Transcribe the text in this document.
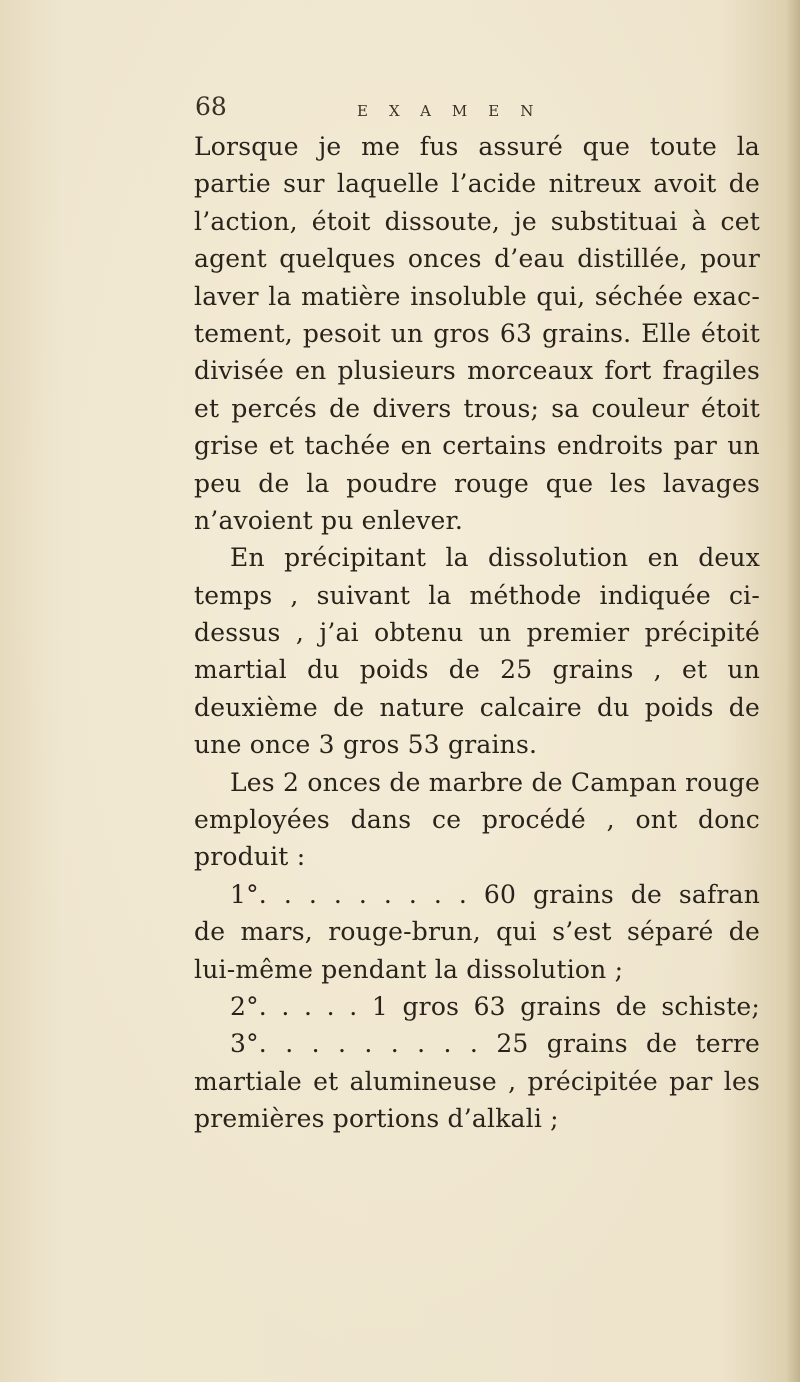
68	EXAMEN
Lorsque je me fus assuré que toute la
partie sur laquelle l’acide nitreux avoit de
l’action, étoit dissoute, je substituai à cet
agent quelques onces d’eau distillée, pour
laver la matière insoluble qui, séchée exac-
tement, pesoit un gros 63 grains. Elle étoit
divisée en plusieurs morceaux fort fragiles
et percés de divers trous; sa couleur étoit
grise et tachée en certains endroits par un
peu de la poudre rouge que les lavages
n’avoient pu enlever.
En précipitant la dissolution en deux
temps , suivant la méthode indiquée ci-
dessus , j’ai obtenu un premier précipité
martial du poids de 25 grains , et un
deuxième de nature calcaire du poids de
une once 3 gros 53 grains.
Les 2 onces de marbre de Campan rouge
employées dans ce procédé , ont donc
produit :
1°. . . . . . . . . 60 grains de safran
de mars, rouge-brun, qui s’est séparé de
lui-même pendant la dissolution ;
2°. . . . . 1 gros 63 grains de schiste;
3°. . . . . . . . . 25 grains de terre
martiale et alumineuse , précipitée par les
premières portions d’alkali ;
